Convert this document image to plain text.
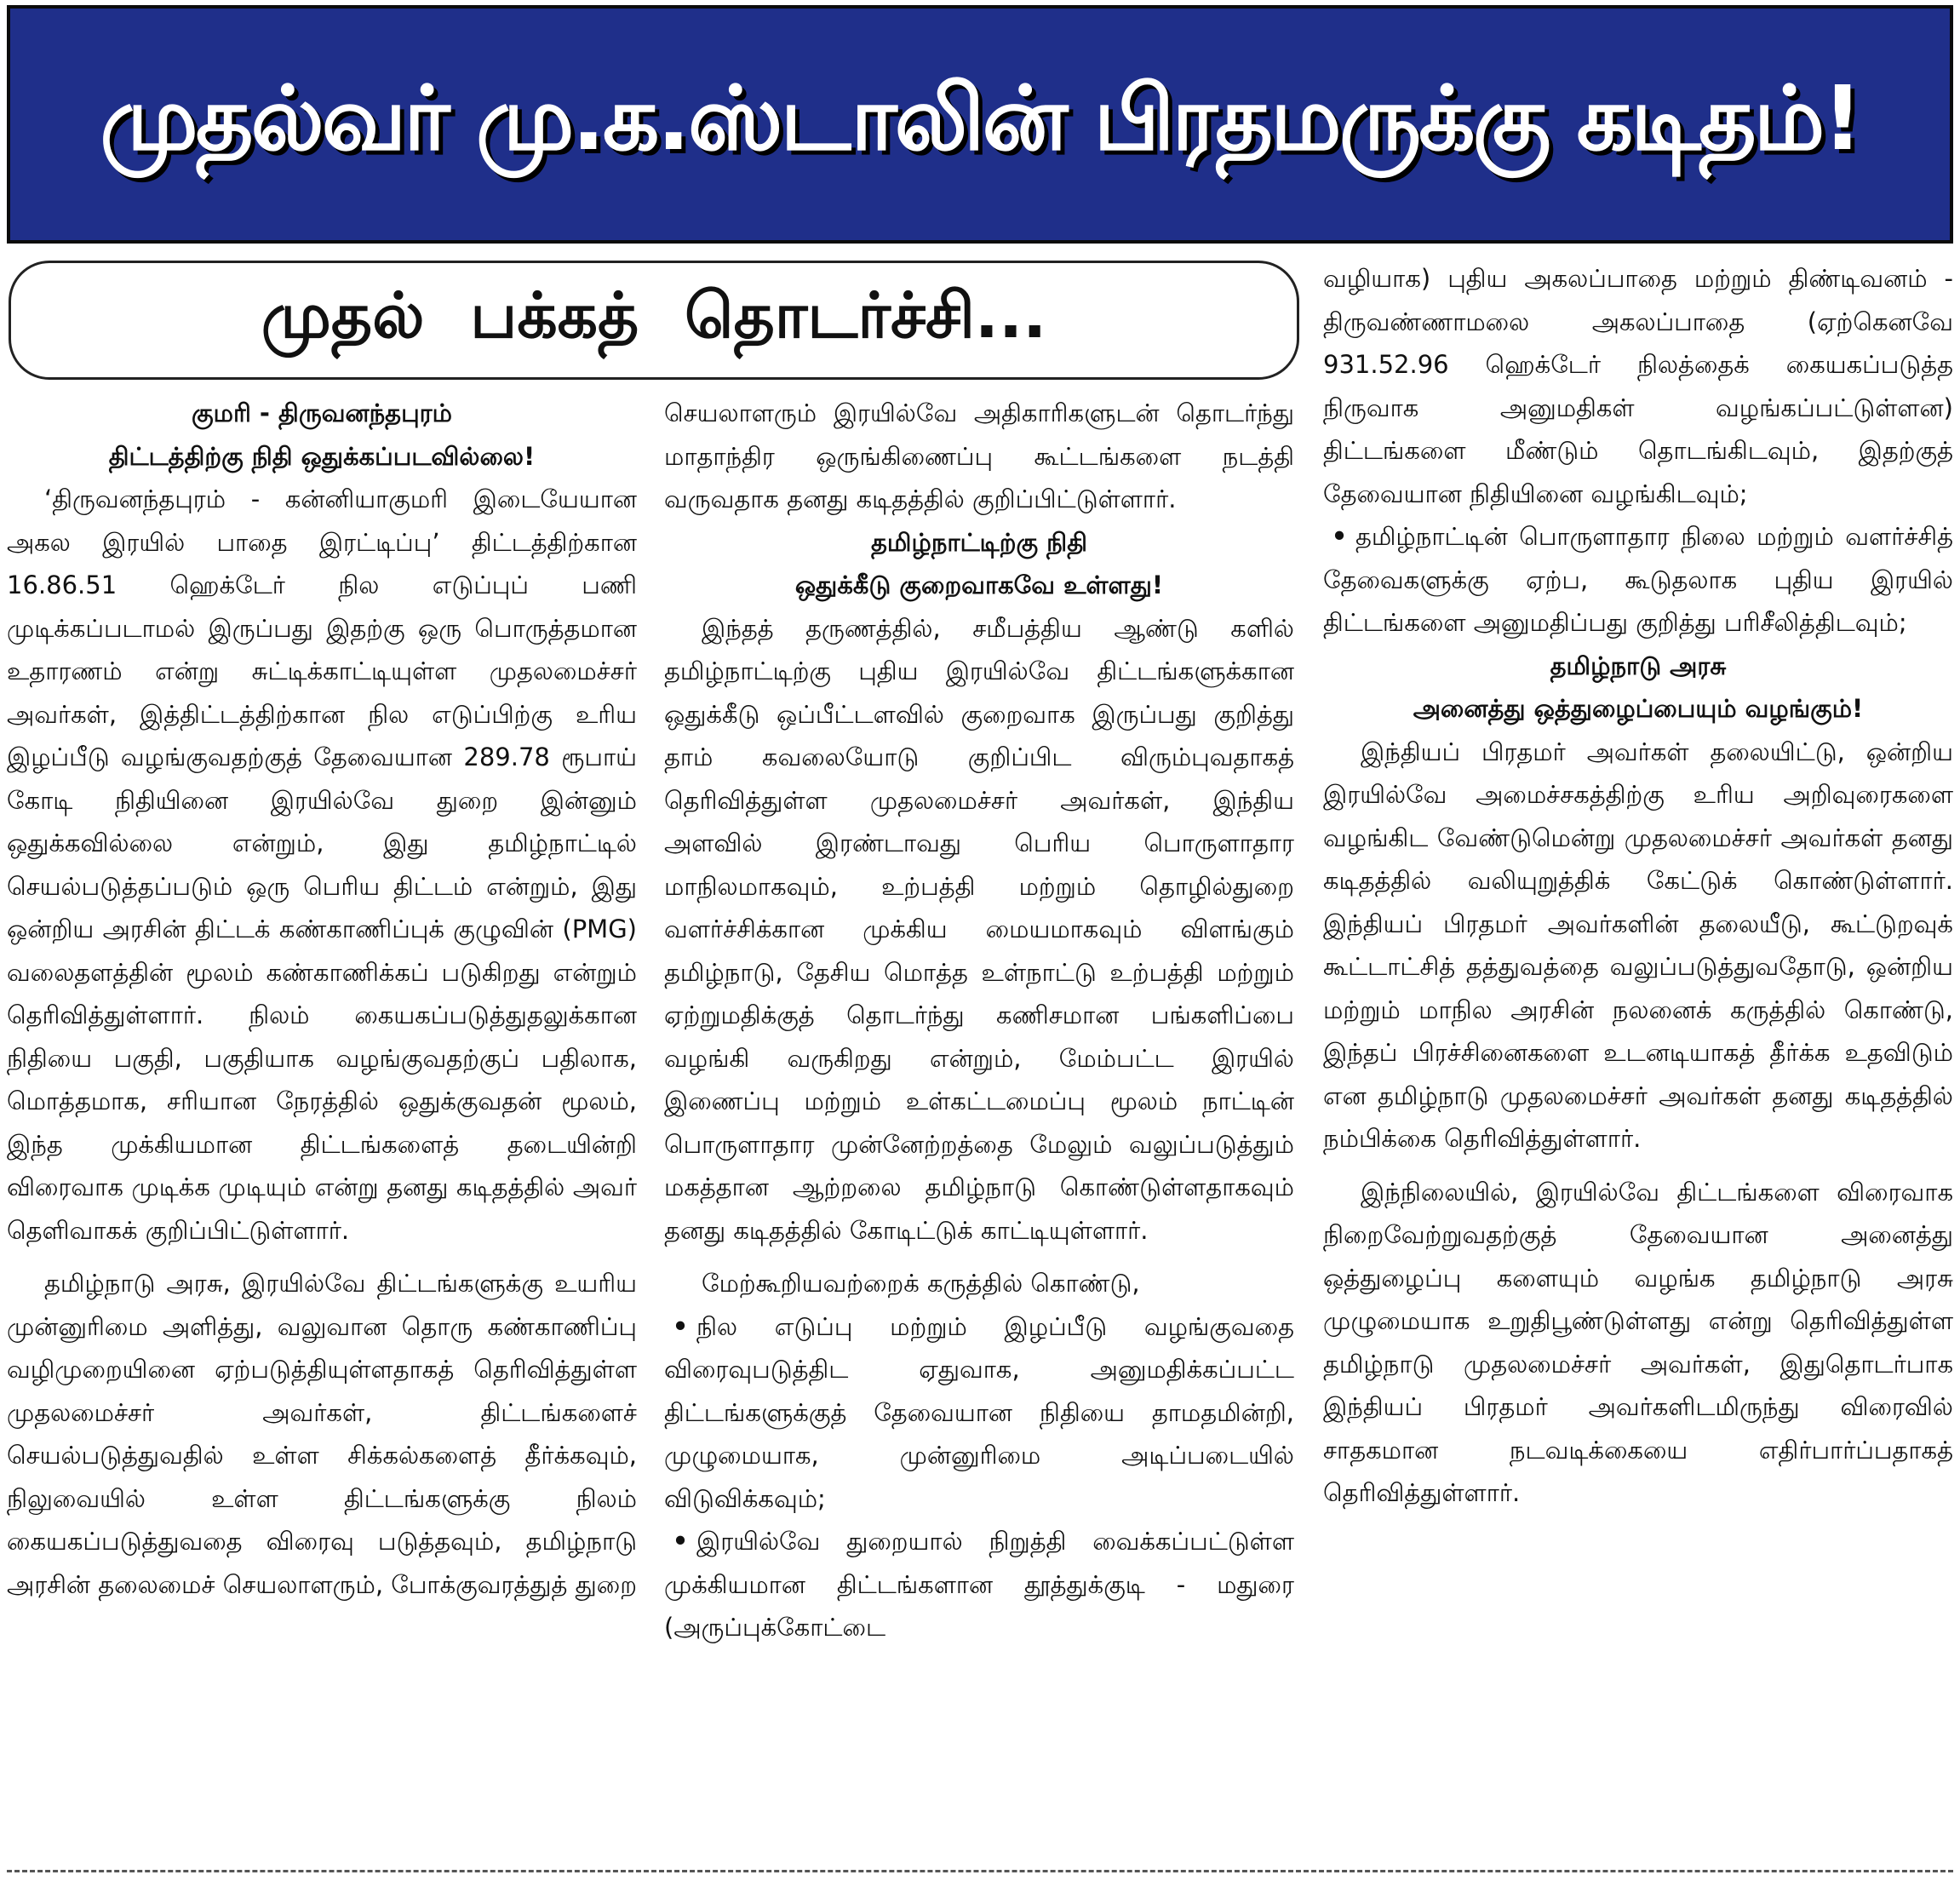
முதல்வர் மு.க.ஸ்டாலின் பிரதமருக்கு கடிதம்!
முதல் பக்கத் தொடர்ச்சி...

குமரி - திருவனந்தபுரம்

திட்டத்திற்கு நிதி ஒதுக்கப்படவில்லை!

‘திருவனந்தபுரம் - கன்னியாகுமரி இடையேயான அகல இரயில் பாதை இரட்டிப்பு’ திட்டத்திற்கான 16.86.51 ஹெக்டேர் நில எடுப்புப் பணி முடிக்கப்படாமல் இருப்பது இதற்கு ஒரு பொருத்தமான உதாரணம் என்று சுட்டிக்காட்டியுள்ள முதலமைச்சர் அவர்கள், இத்திட்டத்திற்கான நில எடுப்பிற்கு உரிய இழப்பீடு வழங்குவதற்குத் தேவையான 289.78 ரூபாய் கோடி நிதியினை இரயில்வே துறை இன்னும் ஒதுக்கவில்லை என்றும், இது தமிழ்நாட்டில் செயல்படுத்தப்படும் ஒரு பெரிய திட்டம் என்றும், இது ஒன்றிய அரசின் திட்டக் கண்காணிப்புக் குழுவின் (PMG) வலைதளத்தின் மூலம் கண்காணிக்கப் படுகிறது என்றும் தெரிவித்துள்ளார். நிலம் கையகப்படுத்துதலுக்கான நிதியை பகுதி, பகுதியாக வழங்குவதற்குப் பதிலாக, மொத்தமாக, சரியான நேரத்தில் ஒதுக்குவதன் மூலம், இந்த முக்கியமான திட்டங்களைத் தடையின்றி விரைவாக முடிக்க முடியும் என்று தனது கடிதத்தில் அவர் தெளிவாகக் குறிப்பிட்டுள்ளார்.

தமிழ்நாடு அரசு, இரயில்வே திட்டங்களுக்கு உயரிய முன்னுரிமை அளித்து, வலுவான தொரு கண்காணிப்பு வழிமுறையினை ஏற்படுத்தியுள்ளதாகத் தெரிவித்துள்ள முதலமைச்சர் அவர்கள், திட்டங்களைச் செயல்படுத்துவதில் உள்ள சிக்கல்களைத் தீர்க்கவும், நிலுவையில் உள்ள திட்டங்களுக்கு நிலம் கையகப்படுத்துவதை விரைவு படுத்தவும், தமிழ்நாடு அரசின் தலைமைச் செயலாளரும், போக்குவரத்துத் துறை

செயலாளரும் இரயில்வே அதிகாரிகளுடன் தொடர்ந்து மாதாந்திர ஒருங்கிணைப்பு கூட்டங்களை நடத்தி வருவதாக தனது கடிதத்தில் குறிப்பிட்டுள்ளார்.

தமிழ்நாட்டிற்கு நிதி

ஒதுக்கீடு குறைவாகவே உள்ளது!

இந்தத் தருணத்தில், சமீபத்திய ஆண்டு களில் தமிழ்நாட்டிற்கு புதிய இரயில்வே திட்டங்களுக்கான ஒதுக்கீடு ஒப்பீட்டளவில் குறைவாக இருப்பது குறித்து தாம் கவலையோடு குறிப்பிட விரும்புவதாகத் தெரிவித்துள்ள முதலமைச்சர் அவர்கள், இந்திய அளவில் இரண்டாவது பெரிய பொருளாதார மாநிலமாகவும், உற்பத்தி மற்றும் தொழில்துறை வளர்ச்சிக்கான முக்கிய மையமாகவும் விளங்கும் தமிழ்நாடு, தேசிய மொத்த உள்நாட்டு உற்பத்தி மற்றும் ஏற்றுமதிக்குத் தொடர்ந்து கணிசமான பங்களிப்பை வழங்கி வருகிறது என்றும், மேம்பட்ட இரயில் இணைப்பு மற்றும் உள்கட்டமைப்பு மூலம் நாட்டின் பொருளாதார முன்னேற்றத்தை மேலும் வலுப்படுத்தும் மகத்தான ஆற்றலை தமிழ்நாடு கொண்டுள்ளதாகவும் தனது கடிதத்தில் கோடிட்டுக் காட்டியுள்ளார்.

மேற்கூறியவற்றைக் கருத்தில் கொண்டு,

• நில எடுப்பு மற்றும் இழப்பீடு வழங்குவதை விரைவுபடுத்திட ஏதுவாக, அனுமதிக்கப்பட்ட திட்டங்களுக்குத் தேவையான நிதியை தாமதமின்றி, முழுமையாக, முன்னுரிமை அடிப்படையில் விடுவிக்கவும்;

• இரயில்வே துறையால் நிறுத்தி வைக்கப்பட்டுள்ள முக்கியமான திட்டங்களான தூத்துக்குடி - மதுரை (அருப்புக்கோட்டை

வழியாக) புதிய அகலப்பாதை மற்றும் திண்டிவனம் - திருவண்ணாமலை அகலப்பாதை (ஏற்கெனவே 931.52.96 ஹெக்டேர் நிலத்தைக் கையகப்படுத்த நிருவாக அனுமதிகள் வழங்கப்பட்டுள்ளன) திட்டங்களை மீண்டும் தொடங்கிடவும், இதற்குத் தேவையான நிதியினை வழங்கிடவும்;

• தமிழ்நாட்டின் பொருளாதார நிலை மற்றும் வளர்ச்சித் தேவைகளுக்கு ஏற்ப, கூடுதலாக புதிய இரயில் திட்டங்களை அனுமதிப்பது குறித்து பரிசீலித்திடவும்;

தமிழ்நாடு அரசு

அனைத்து ஒத்துழைப்பையும் வழங்கும்!

இந்தியப் பிரதமர் அவர்கள் தலையிட்டு, ஒன்றிய இரயில்வே அமைச்சகத்திற்கு உரிய அறிவுரைகளை வழங்கிட வேண்டுமென்று முதலமைச்சர் அவர்கள் தனது கடிதத்தில் வலியுறுத்திக் கேட்டுக் கொண்டுள்ளார். இந்தியப் பிரதமர் அவர்களின் தலையீடு, கூட்டுறவுக் கூட்டாட்சித் தத்துவத்தை வலுப்படுத்துவதோடு, ஒன்றிய மற்றும் மாநில அரசின் நலனைக் கருத்தில் கொண்டு, இந்தப் பிரச்சினைகளை உடனடியாகத் தீர்க்க உதவிடும் என தமிழ்நாடு முதலமைச்சர் அவர்கள் தனது கடிதத்தில் நம்பிக்கை தெரிவித்துள்ளார்.

இந்நிலையில், இரயில்வே திட்டங்களை விரைவாக நிறைவேற்றுவதற்குத் தேவையான அனைத்து ஒத்துழைப்பு களையும் வழங்க தமிழ்நாடு அரசு முழுமையாக உறுதிபூண்டுள்ளது என்று தெரிவித்துள்ள தமிழ்நாடு முதலமைச்சர் அவர்கள், இதுதொடர்பாக இந்தியப் பிரதமர் அவர்களிடமிருந்து விரைவில் சாதகமான நடவடிக்கையை எதிர்பார்ப்பதாகத் தெரிவித்துள்ளார்.
